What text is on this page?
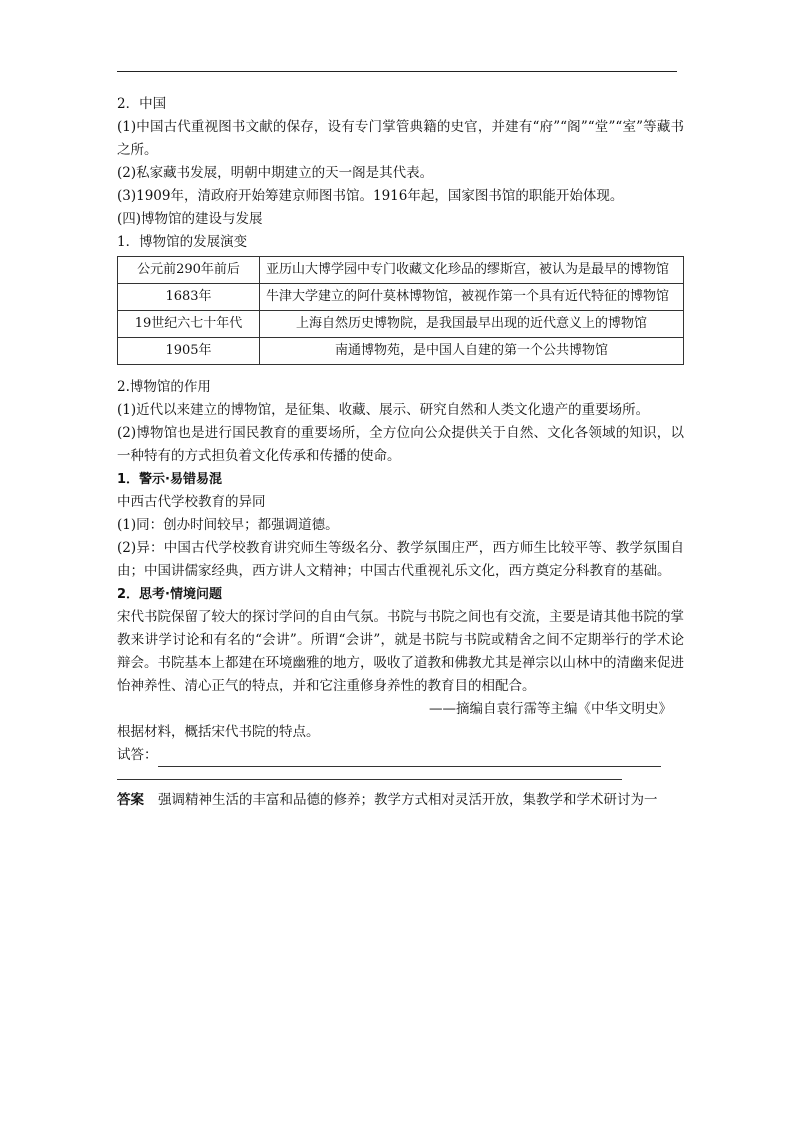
2．中国

(1)中国古代重视图书文献的保存，设有专门掌管典籍的史官，并建有“府”“阁”“堂”“室”等藏书之所。

(2)私家藏书发展，明朝中期建立的天一阁是其代表。

(3)1909年，清政府开始筹建京师图书馆。1916年起，国家图书馆的职能开始体现。

(四)博物馆的建设与发展

1．博物馆的发展演变

公元前290年前后	亚历山大博学园中专门收藏文化珍品的缪斯宫，被认为是最早的博物馆
1683年	牛津大学建立的阿什莫林博物馆，被视作第一个具有近代特征的博物馆
19世纪六七十年代	上海自然历史博物院，是我国最早出现的近代意义上的博物馆
1905年	南通博物苑，是中国人自建的第一个公共博物馆

2.博物馆的作用

(1)近代以来建立的博物馆，是征集、收藏、展示、研究自然和人类文化遗产的重要场所。

(2)博物馆也是进行国民教育的重要场所，全方位向公众提供关于自然、文化各领域的知识，以一种特有的方式担负着文化传承和传播的使命。

1．警示·易错易混

中西古代学校教育的异同

(1)同：创办时间较早；都强调道德。

(2)异：中国古代学校教育讲究师生等级名分、教学氛围庄严，西方师生比较平等、教学氛围自由；中国讲儒家经典，西方讲人文精神；中国古代重视礼乐文化，西方奠定分科教育的基础。

2．思考·情境问题

宋代书院保留了较大的探讨学问的自由气氛。书院与书院之间也有交流，主要是请其他书院的掌教来讲学讨论和有名的“会讲”。所谓“会讲”，就是书院与书院或精舍之间不定期举行的学术论辩会。书院基本上都建在环境幽雅的地方，吸收了道教和佛教尤其是禅宗以山林中的清幽来促进怡神养性、清心正气的特点，并和它注重修身养性的教育目的相配合。

——摘编自袁行霈等主编《中华文明史》

根据材料，概括宋代书院的特点。

试答：

答案 强调精神生活的丰富和品德的修养；教学方式相对灵活开放，集教学和学术研讨为一
